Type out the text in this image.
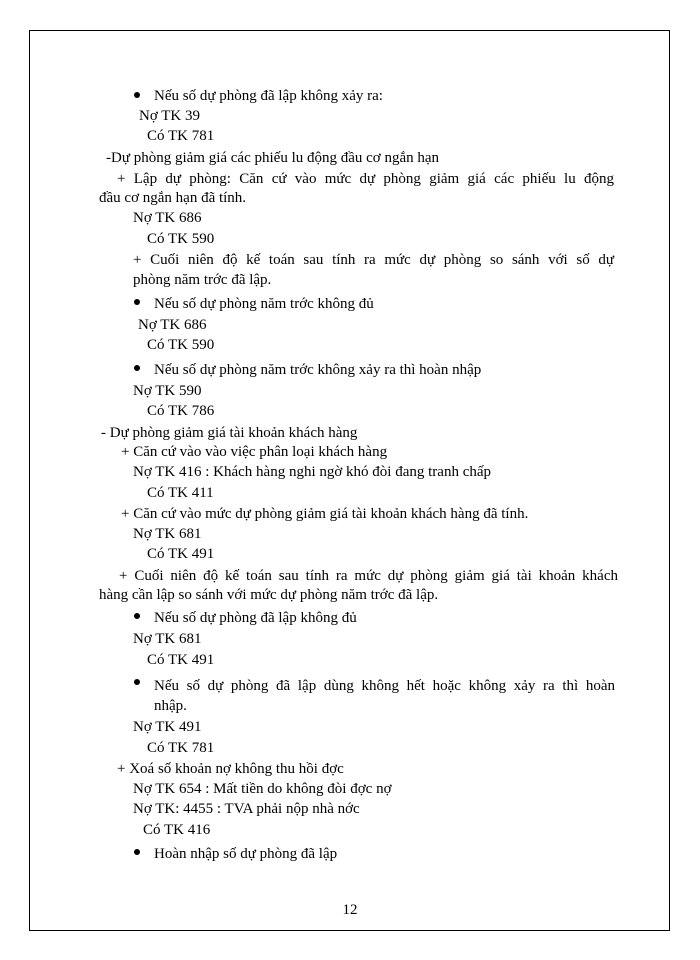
Nếu số dự phòng đã lập không xảy ra:
Nợ TK 39
Có TK 781
-Dự phòng giảm giá các phiếu lu động đầu cơ ngắn hạn
+ Lập dự phòng: Căn cứ vào mức dự phòng giảm giá các phiếu lu động
đầu cơ ngắn hạn đã tính.
Nợ TK 686
Có TK 590
+ Cuối niên độ kế toán sau tính ra mức dự phòng so sánh với số dự
phòng năm trớc đã lập.
Nếu số dự phòng năm trớc không đủ
Nợ TK 686
Có TK 590
Nếu số dự phòng năm trớc không xảy ra thì hoàn nhập
Nợ TK 590
Có TK 786
- Dự phòng giảm giá tài khoản khách hàng
+ Căn cứ vào vào việc phân loại khách hàng
Nợ TK 416 : Khách hàng nghi ngờ khó đòi đang tranh chấp
Có TK 411
+ Căn cứ vào mức dự phòng giảm giá tài khoản khách hàng đã tính.
Nợ TK 681
Có TK 491
+ Cuối niên độ kế toán sau tính ra mức dự phòng giảm giá tài khoản khách
hàng cần lập so sánh với mức dự phòng năm trớc đã lập.
Nếu số dự phòng đã lập không đủ
Nợ TK 681
Có TK 491
Nếu số dự phòng đã lập dùng không hết hoặc không xảy ra thì hoàn
nhập.
Nợ TK 491
Có TK 781
+ Xoá số khoản nợ không thu hồi đợc
Nợ TK 654 : Mất tiền do không đòi đợc nợ
Nợ TK: 4455 : TVA phải nộp nhà nớc
Có TK 416
Hoàn nhập số dự phòng đã lập
12
